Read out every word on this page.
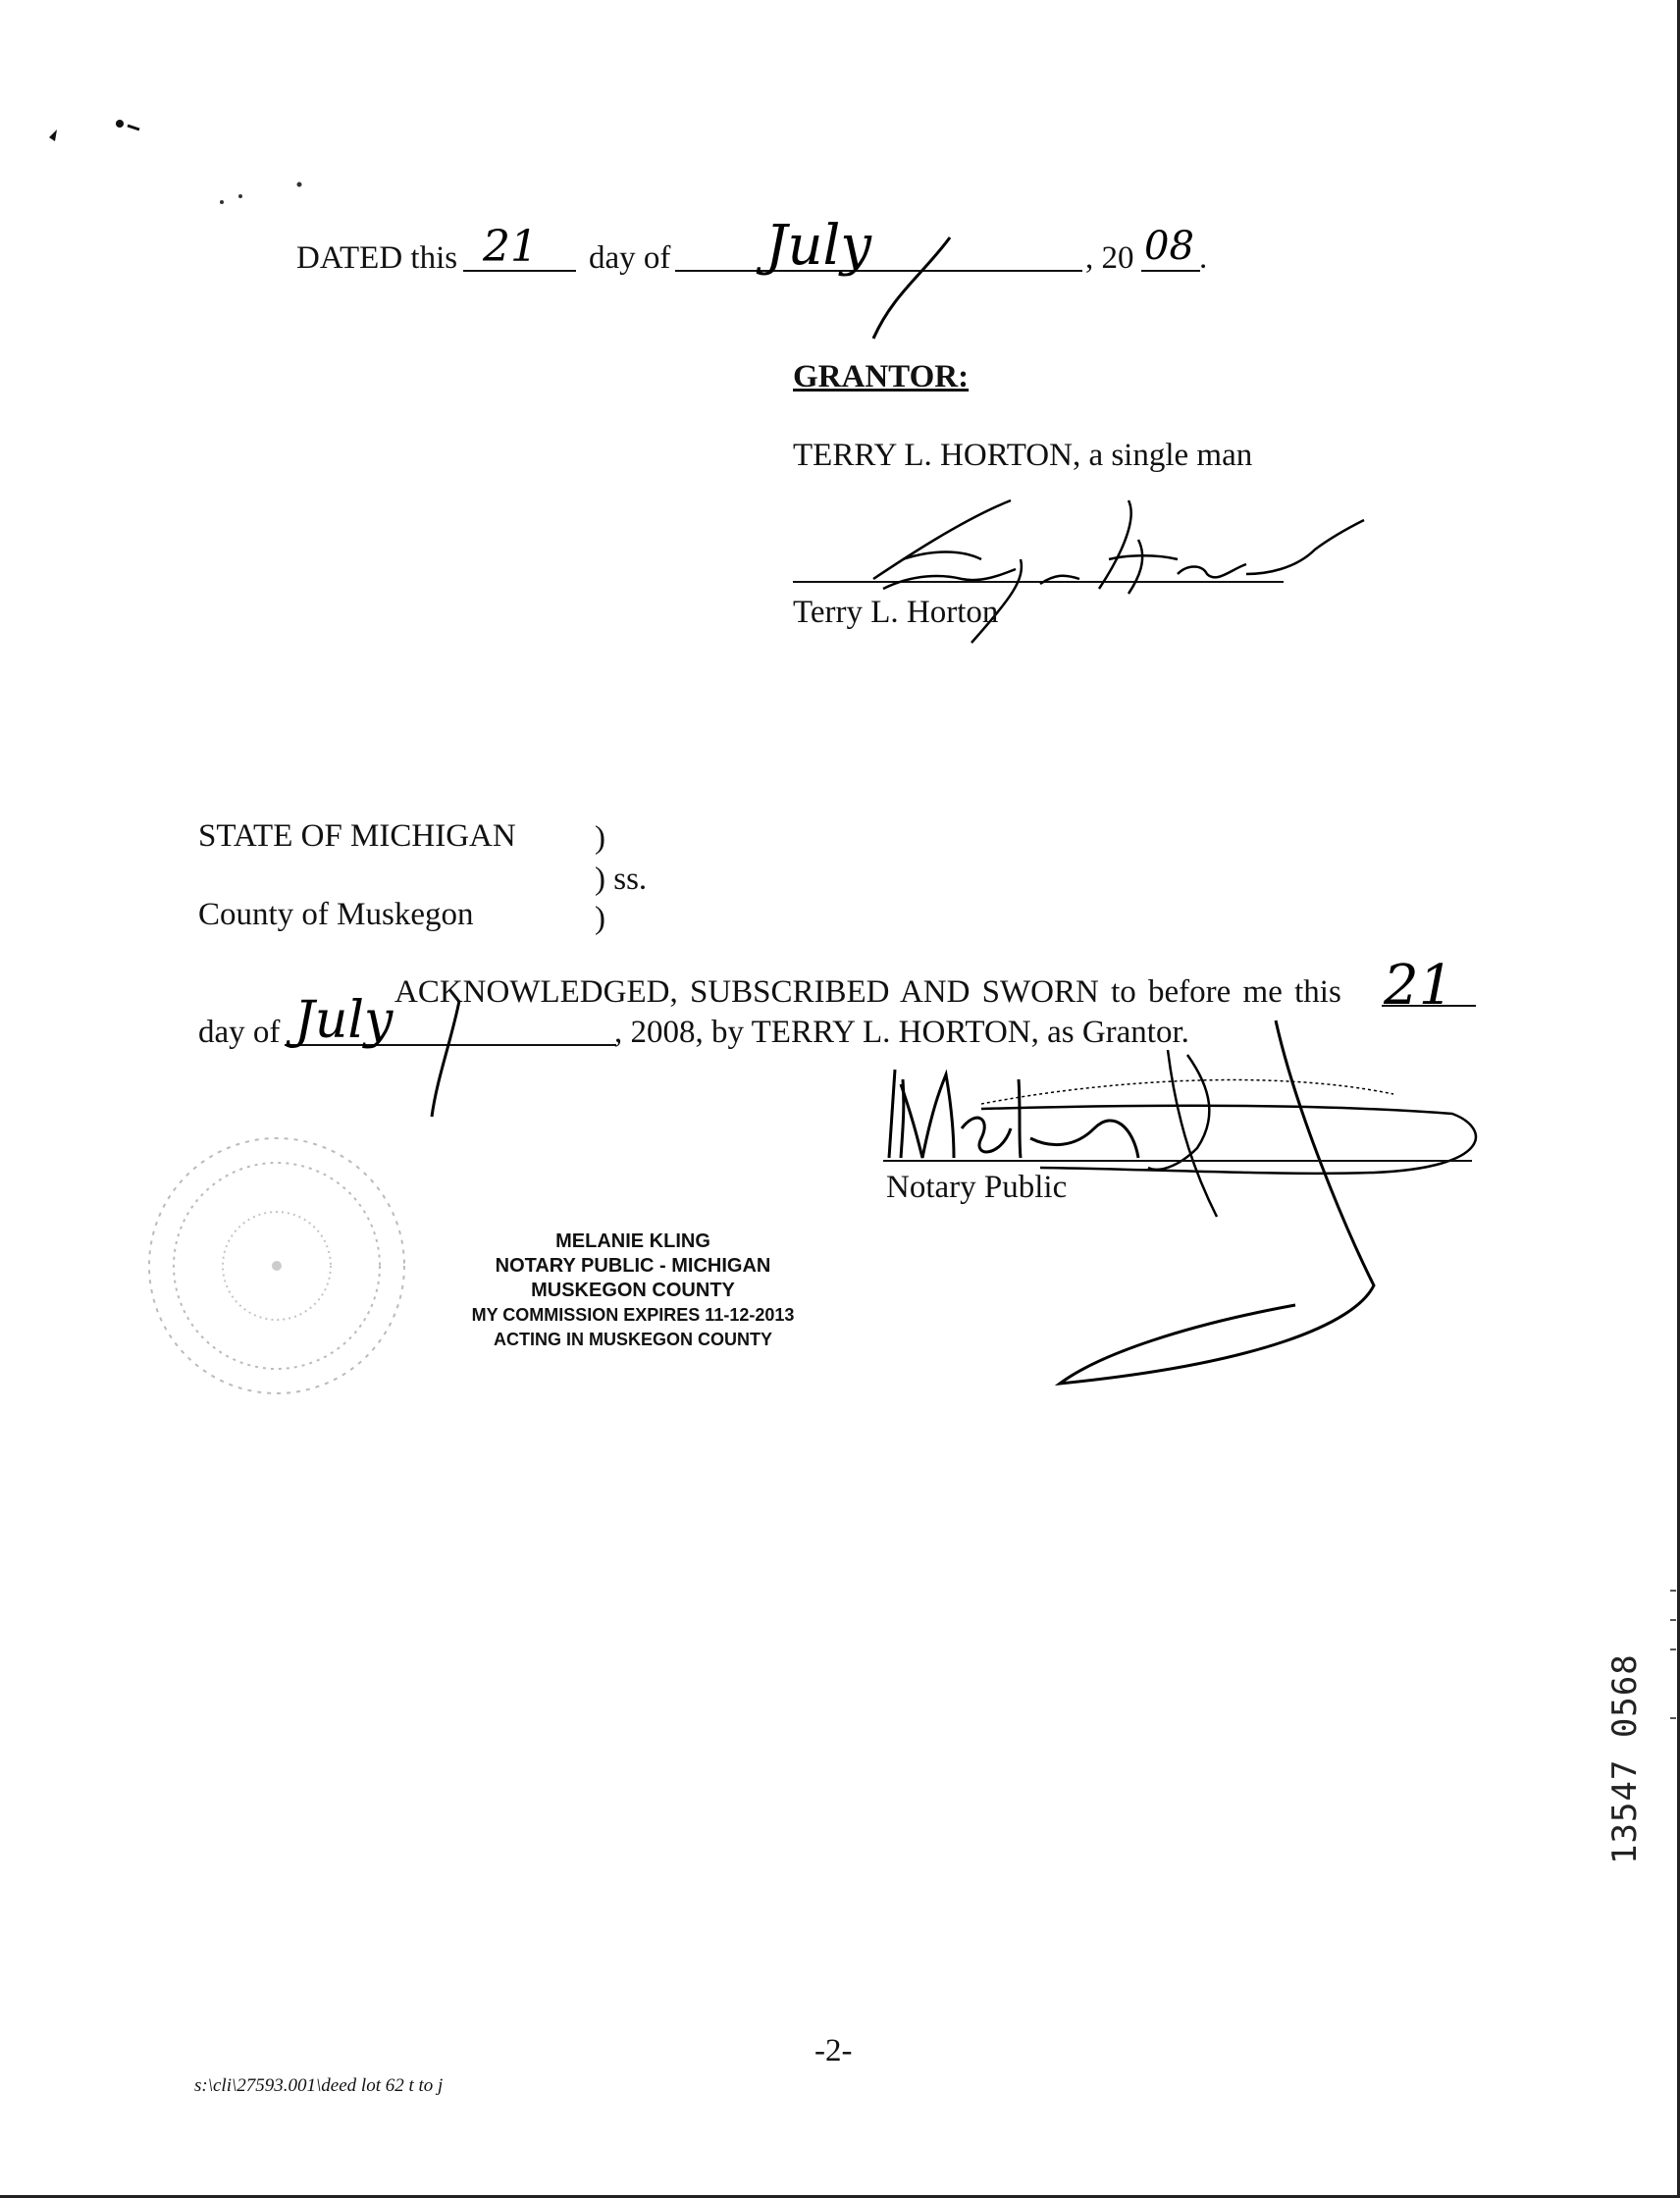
DATED this 21 day of July	, 20 08 .
GRANTOR:
TERRY L. HORTON, a single man
Terry L. Horton
STATE OF MICHIGAN )
) ss.
County of Muskegon	)
ACKNOWLEDGED, SUBSCRIBED AND SWORN to before me this 21
day of July	, 2008, by TERRY L. HORTON, as Grantor.
Notary Public
MELANIE KLING
NOTARY PUBLIC - MICHIGAN
MUSKEGON COUNTY
MY COMMISSION EXPIRES 11-12-2013
ACTING IN MUSKEGON COUNTY
13547 0568
-2-
s:\cli\27593.001\deed lot 62 t to j
